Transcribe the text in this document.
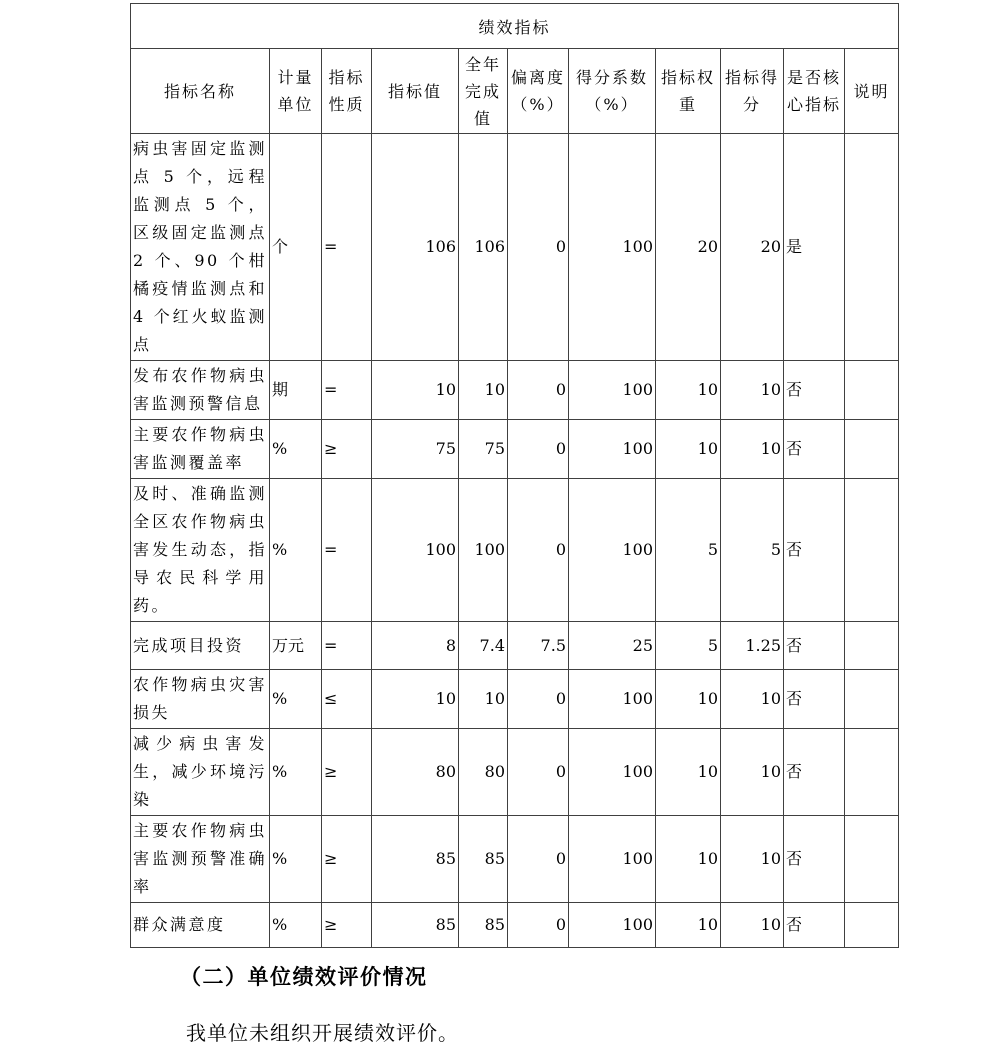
绩效指标										
指标名称	计量单位	指标性质	指标值	全年完成值	偏离度（%）	得分系数（%）	指标权重	指标得分	是否核心指标	说明
病虫害固定监测点 5 个，远程监测点 5 个，区级固定监测点 2 个、90 个柑橘疫情监测点和 4 个红火蚁监测点	个	=	106	106	0	100	20	20	是	
发布农作物病虫害监测预警信息	期	=	10	10	0	100	10	10	否	
主要农作物病虫害监测覆盖率	%	≥	75	75	0	100	10	10	否	
及时、准确监测全区农作物病虫害发生动态，指导农民科学用药。	%	=	100	100	0	100	5	5	否	
完成项目投资	万元	=	8	7.4	7.5	25	5	1.25	否	
农作物病虫灾害损失	%	≤	10	10	0	100	10	10	否	
减少病虫害发生，减少环境污染	%	≥	80	80	0	100	10	10	否	
主要农作物病虫害监测预警准确率	%	≥	85	85	0	100	10	10	否	
群众满意度	%	≥	85	85	0	100	10	10	否	
（二）单位绩效评价情况
我单位未组织开展绩效评价。
